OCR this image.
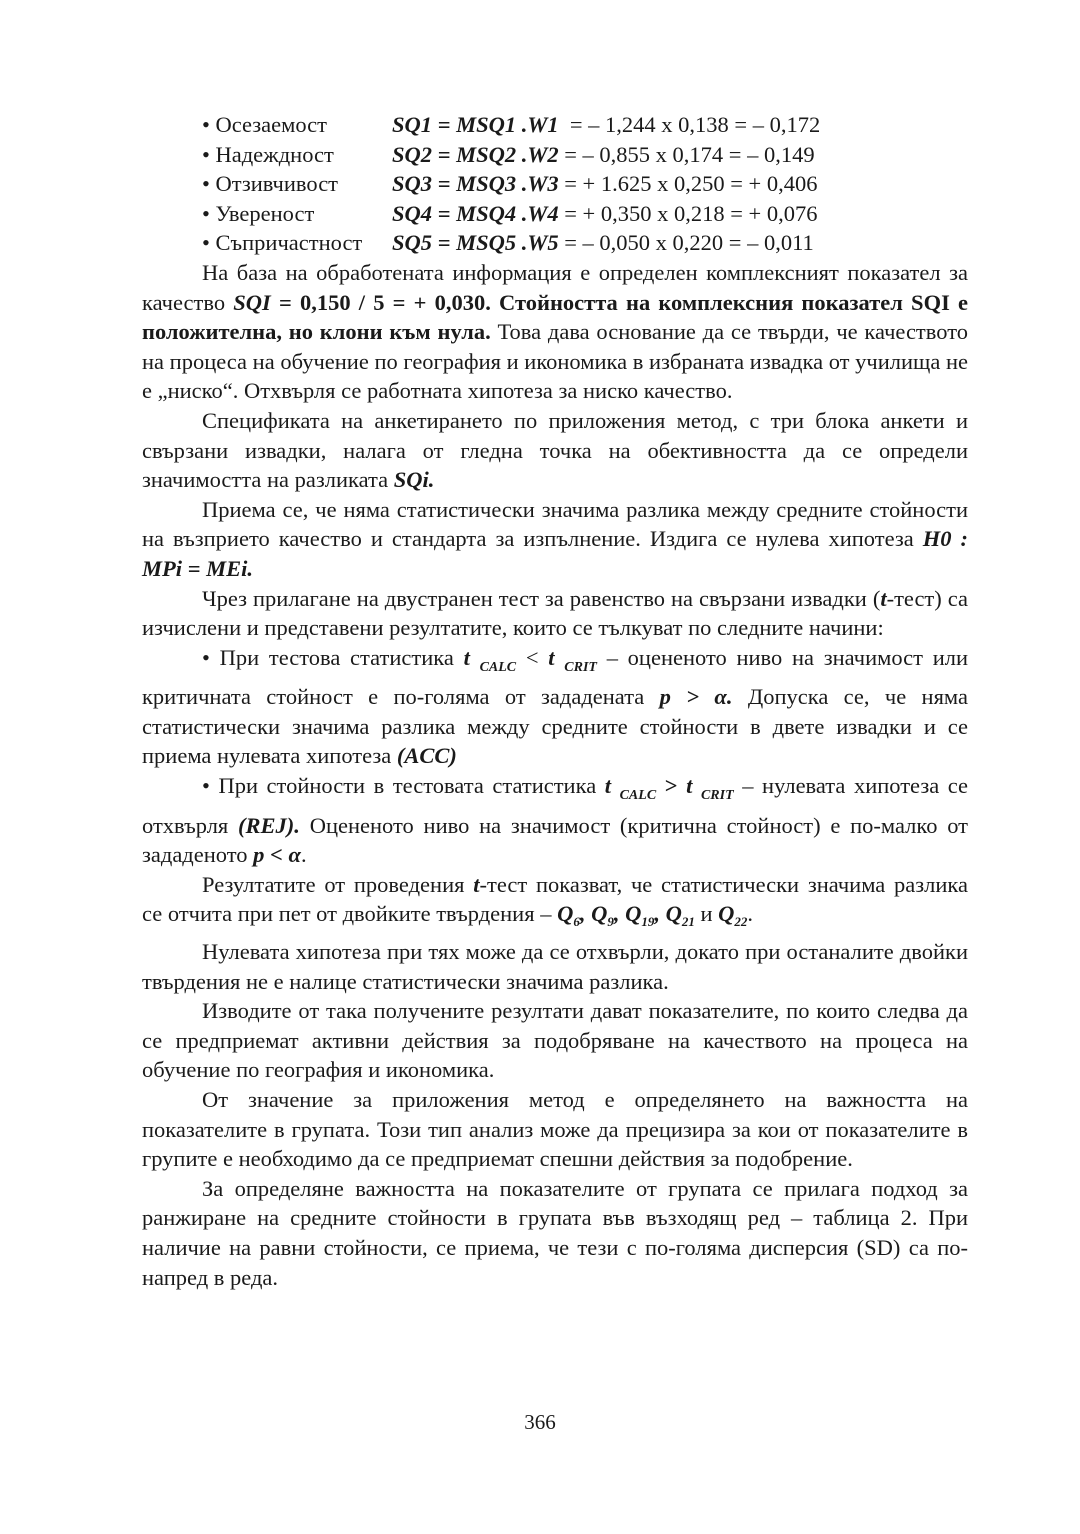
• Осезаемост	SQ1 = MSQ1 .W1  = – 1,244 x 0,138 = – 0,172
• Надеждност	SQ2 = MSQ2 .W2 = – 0,855 x 0,174 = – 0,149
• Отзивчивост	SQ3 = MSQ3 .W3 = + 1.625 x 0,250 = + 0,406
• Увереност	SQ4 = MSQ4 .W4 = + 0,350 x 0,218 = + 0,076
• Съпричастност	SQ5 = MSQ5 .W5 = – 0,050 x 0,220 = – 0,011

На база на обработената информация е определен комплексният показател за качество SQI = 0,150 / 5 = + 0,030. Стойността на комплексния показател SQI е положителна, но клони към нула. Това дава основание да се твърди, че качеството на процеса на обучение по география и икономика в избраната извадка от училища не е „ниско“. Отхвърля се работната хипотеза за ниско качество.

Спецификата на анкетирането по приложения метод, с три блока анкети и свързани извадки, налага от гледна точка на обективността да се определи значимостта на разликата SQi.

Приема се, че няма статистически значима разлика между средните стойности на възприето качество и стандарта за изпълнение. Издига се нулева хипотеза H0 : MPi = MEi.

Чрез прилагане на двустранен тест за равенство на свързани извадки (t-тест) са изчислени и представени резултатите, които се тълкуват по следните начини:

• При тестова статистика t $_{CALC}$ < t $_{CRIT}$ – оцененото ниво на значимост или критичната стойност е по-голяма от зададената p > α. Допуска се, че няма статистически значима разлика между средните стойности в двете извадки и се приема нулевата хипотеза (ACC)

• При стойности в тестовата статистика t $_{CALC}$ > t $_{CRIT}$ – нулевата хипотеза се отхвърля (REJ). Оцененото ниво на значимост (критична стойност) е по-малко от зададеното p < α.

Резултатите от проведения t-тест показват, че статистически значима разлика се отчита при пет от двойките твърдения – $Q_6$, $Q_9$, $Q_{19}$, $Q_{21}$ и $Q_{22}$.

Нулевата хипотеза при тях може да се отхвърли, докато при останалите двойки твърдения не е налице статистически значима разлика.

Изводите от така получените резултати дават показателите, по които следва да се предприемат активни действия за подобряване на качеството на процеса на обучение по география и икономика.

От значение за приложения метод е определянето на важността на показателите в групата. Този тип анализ може да прецизира за кои от показателите в групите е необходимо да се предприемат спешни действия за подобрение.

За определяне важността на показателите от групата се прилага подход за ранжиране на средните стойности в групата във възходящ ред – таблица 2. При наличие на равни стойности, се приема, че тези с по-голяма дисперсия (SD) са по-напред в реда.

366
